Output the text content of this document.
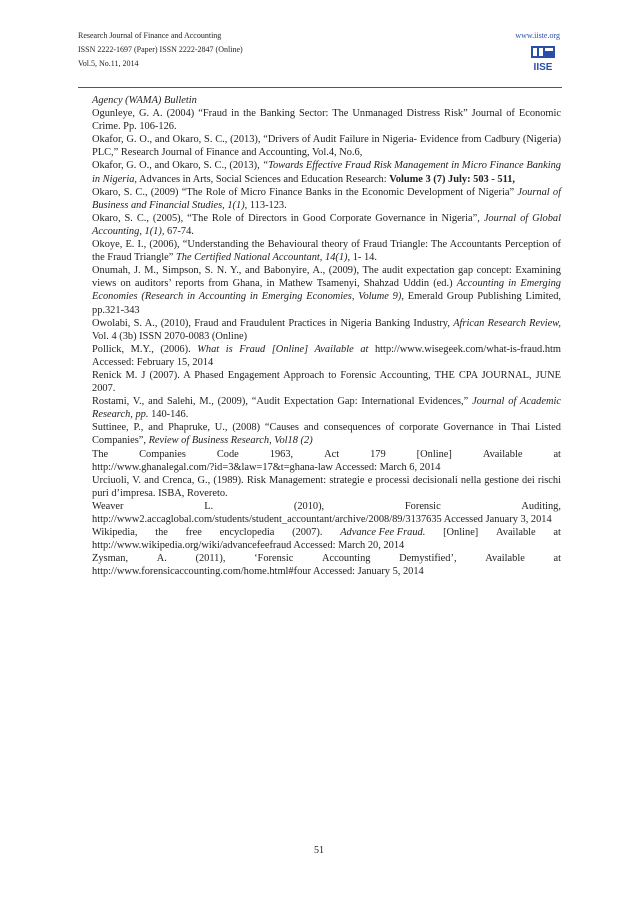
Research Journal of Finance and Accounting
ISSN 2222-1697 (Paper) ISSN 2222-2847 (Online)
Vol.5, No.11, 2014
www.iiste.org
IISE

Agency (WAMA) Bulletin

Ogunleye, G. A. (2004) “Fraud in the Banking Sector: The Unmanaged Distress Risk” Journal of Economic Crime. Pp. 106-126.

Okafor, G. O., and Okaro, S. C., (2013), “Drivers of Audit Failure in Nigeria- Evidence from Cadbury (Nigeria) PLC,” Research Journal of Finance and Accounting, Vol.4, No.6,

Okafor, G. O., and Okaro, S. C., (2013), “Towards Effective Fraud Risk Management in Micro Finance Banking in Nigeria, Advances in Arts, Social Sciences and Education Research: Volume 3 (7) July: 503 - 511,

Okaro, S. C., (2009) “The Role of Micro Finance Banks in the Economic Development of Nigeria” Journal of Business and Financial Studies, 1(1), 113-123.

Okaro, S. C., (2005), “The Role of Directors in Good Corporate Governance in Nigeria”, Journal of Global Accounting, 1(1), 67-74.

Okoye, E. I., (2006), “Understanding the Behavioural theory of Fraud Triangle: The Accountants Perception of the Fraud Triangle” The Certified National Accountant, 14(1), 1- 14.

Onumah, J. M., Simpson, S. N. Y., and Babonyire, A., (2009), The audit expectation gap concept: Examining views on auditors’ reports from Ghana, in Mathew Tsamenyi, Shahzad Uddin (ed.) Accounting in Emerging Economies (Research in Accounting in Emerging Economies, Volume 9), Emerald Group Publishing Limited, pp.321-343

Owolabi, S. A., (2010), Fraud and Fraudulent Practices in Nigeria Banking Industry, African Research Review, Vol. 4 (3b) ISSN 2070-0083 (Online)

Pollick, M.Y., (2006). What is Fraud [Online] Available at http://www.wisegeek.com/what-is-fraud.htm Accessed: February 15, 2014

Renick M. J (2007). A Phased Engagement Approach to Forensic Accounting, THE CPA JOURNAL, JUNE 2007.

Rostami, V., and Salehi, M., (2009), “Audit Expectation Gap: International Evidences,” Journal of Academic Research, pp. 140-146.

Suttinee, P., and Phapruke, U., (2008) “Causes and consequences of corporate Governance in Thai Listed Companies”, Review of Business Research, Vol18 (2)

The	Companies	Code	1963,	Act	179	[Online]	Available	at
http://www.ghanalegal.com/?id=3&law=17&t=ghana-law Accessed: March 6, 2014

Urciuoli, V. and Crenca, G., (1989). Risk Management: strategie e processi decisionali nella gestione dei rischi puri d’impresa. ISBA, Rovereto.

Weaver	L.	(2010),	Forensic	Auditing,
http://www2.accaglobal.com/students/student_accountant/archive/2008/89/3137635 Accessed January 3, 2014

Wikipedia, the free encyclopedia (2007). Advance Fee Fraud. [Online] Available at
http://www.wikipedia.org/wiki/advancefeefraud Accessed: March 20, 2014

Zysman,	A.	(2011),	‘Forensic	Accounting	Demystified’,	Available	at
http://www.forensicaccounting.com/home.html#four Accessed: January 5, 2014

51
